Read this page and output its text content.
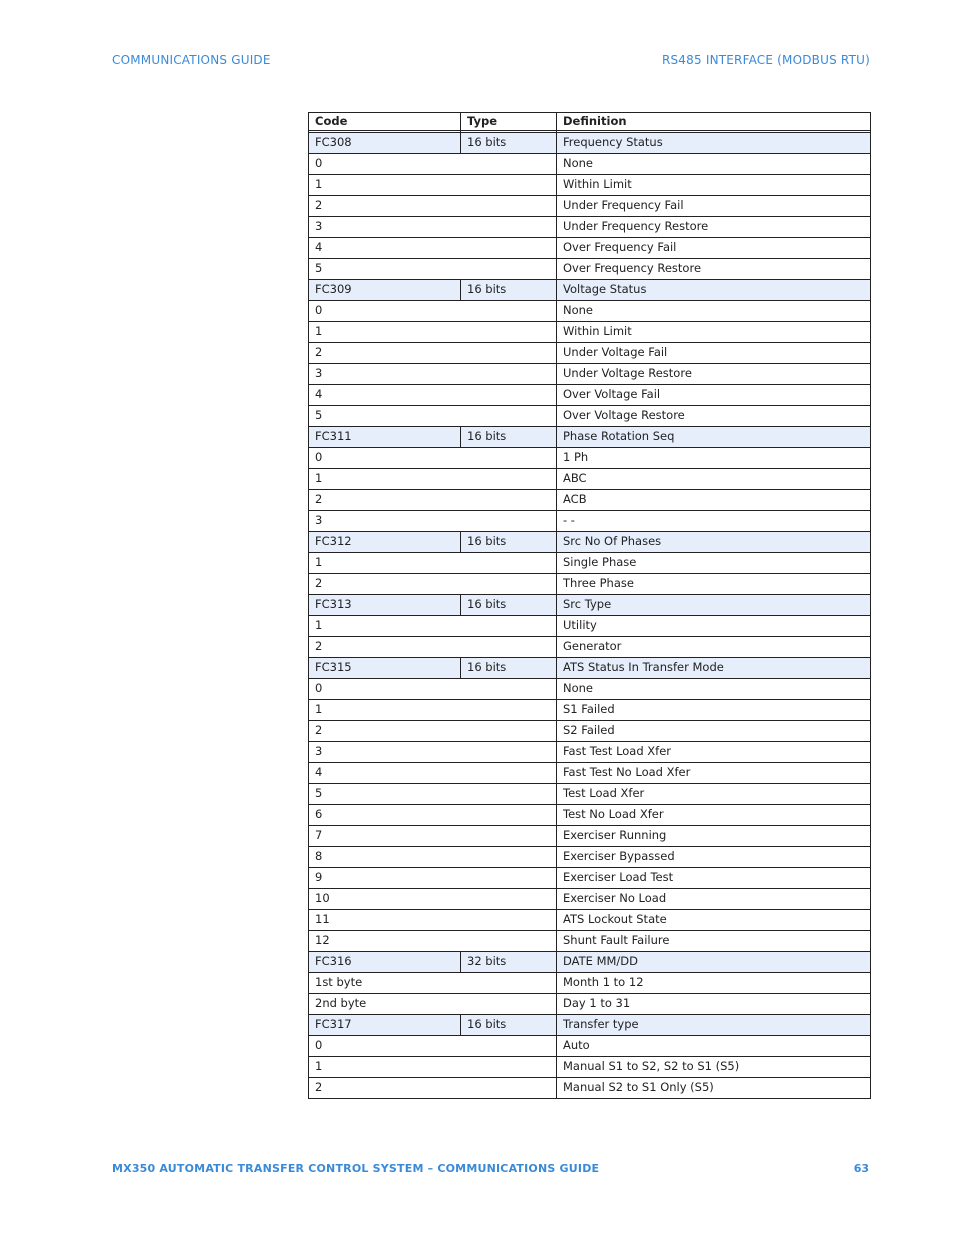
COMMUNICATIONS GUIDE	RS485 INTERFACE (MODBUS RTU)
Code	Type	Definition

FC308	16 bits	Frequency Status
0		None
1		Within Limit
2		Under Frequency Fail
3		Under Frequency Restore
4		Over Frequency Fail
5		Over Frequency Restore
FC309	16 bits	Voltage Status
0		None
1		Within Limit
2		Under Voltage Fail
3		Under Voltage Restore
4		Over Voltage Fail
5		Over Voltage Restore
FC311	16 bits	Phase Rotation Seq
0		1 Ph
1		ABC
2		ACB
3		- -
FC312	16 bits	Src No Of Phases
1		Single Phase
2		Three Phase
FC313	16 bits	Src Type
1		Utility
2		Generator
FC315	16 bits	ATS Status In Transfer Mode
0		None
1		S1 Failed
2		S2 Failed
3		Fast Test Load Xfer
4		Fast Test No Load Xfer
5		Test Load Xfer
6		Test No Load Xfer
7		Exerciser Running
8		Exerciser Bypassed
9		Exerciser Load Test
10		Exerciser No Load
11		ATS Lockout State
12		Shunt Fault Failure
FC316	32 bits	DATE MM/DD
1st byte		Month 1 to 12
2nd byte		Day 1 to 31
FC317	16 bits	Transfer type
0		Auto
1		Manual S1 to S2, S2 to S1 (S5)
2		Manual S2 to S1 Only (S5)
MX350 AUTOMATIC TRANSFER CONTROL SYSTEM – COMMUNICATIONS GUIDE	63
